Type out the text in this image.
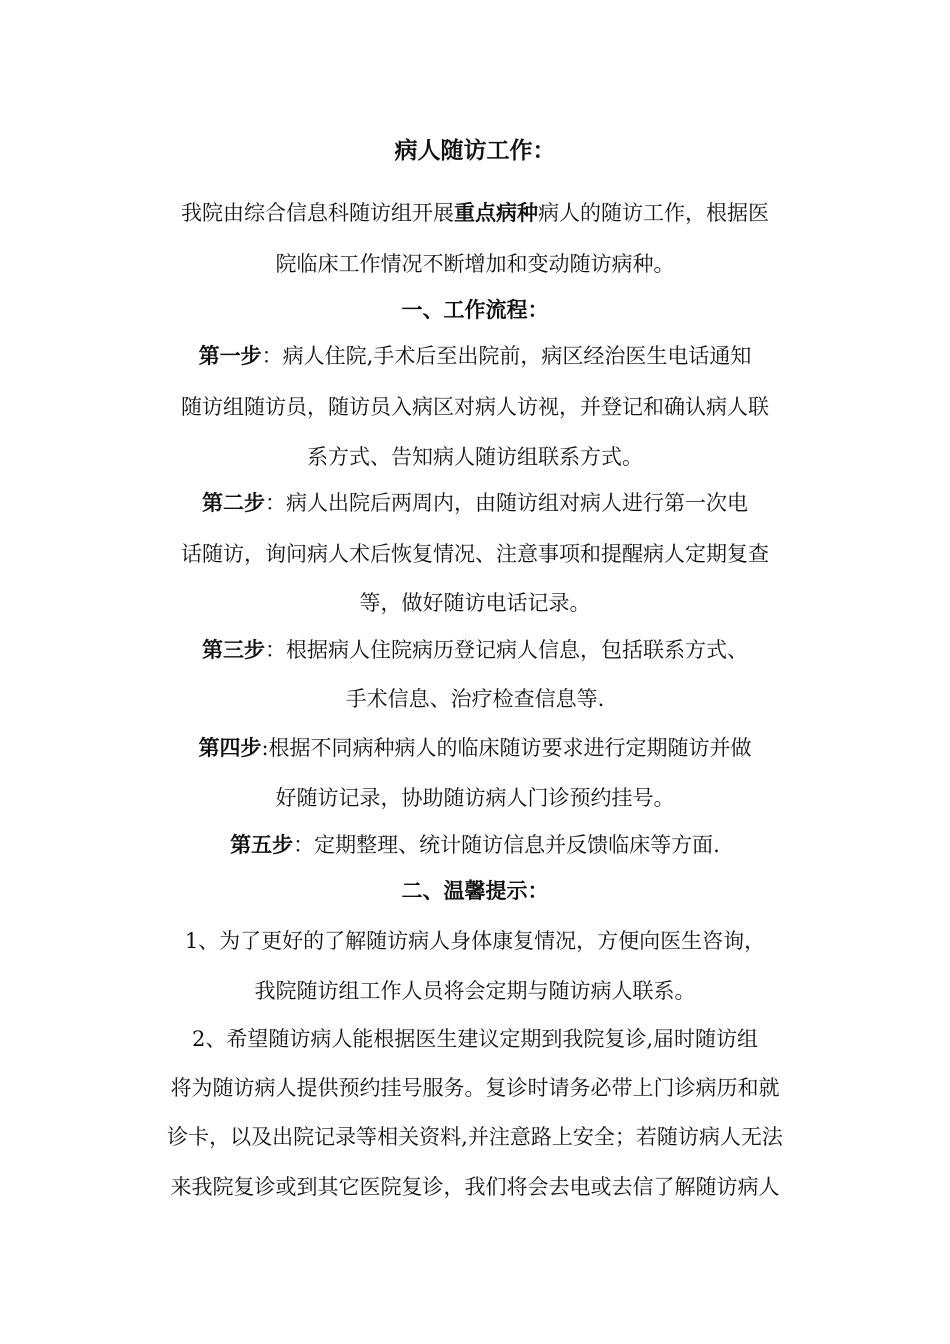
病人随访工作：
我院由综合信息科随访组开展重点病种病人的随访工作，根据医
院临床工作情况不断增加和变动随访病种。
一、工作流程：
第一步：病人住院,手术后至出院前，病区经治医生电话通知
随访组随访员，随访员入病区对病人访视，并登记和确认病人联
系方式、告知病人随访组联系方式。
第二步：病人出院后两周内，由随访组对病人进行第一次电
话随访，询问病人术后恢复情况、注意事项和提醒病人定期复查
等，做好随访电话记录。
第三步：根据病人住院病历登记病人信息，包括联系方式、
手术信息、治疗检查信息等.
第四步:根据不同病种病人的临床随访要求进行定期随访并做
好随访记录，协助随访病人门诊预约挂号。
第五步：定期整理、统计随访信息并反馈临床等方面.
二、温馨提示：
1、为了更好的了解随访病人身体康复情况，方便向医生咨询，
我院随访组工作人员将会定期与随访病人联系。
2、希望随访病人能根据医生建议定期到我院复诊,届时随访组
将为随访病人提供预约挂号服务。复诊时请务必带上门诊病历和就
诊卡，以及出院记录等相关资料,并注意路上安全；若随访病人无法
来我院复诊或到其它医院复诊，我们将会去电或去信了解随访病人
